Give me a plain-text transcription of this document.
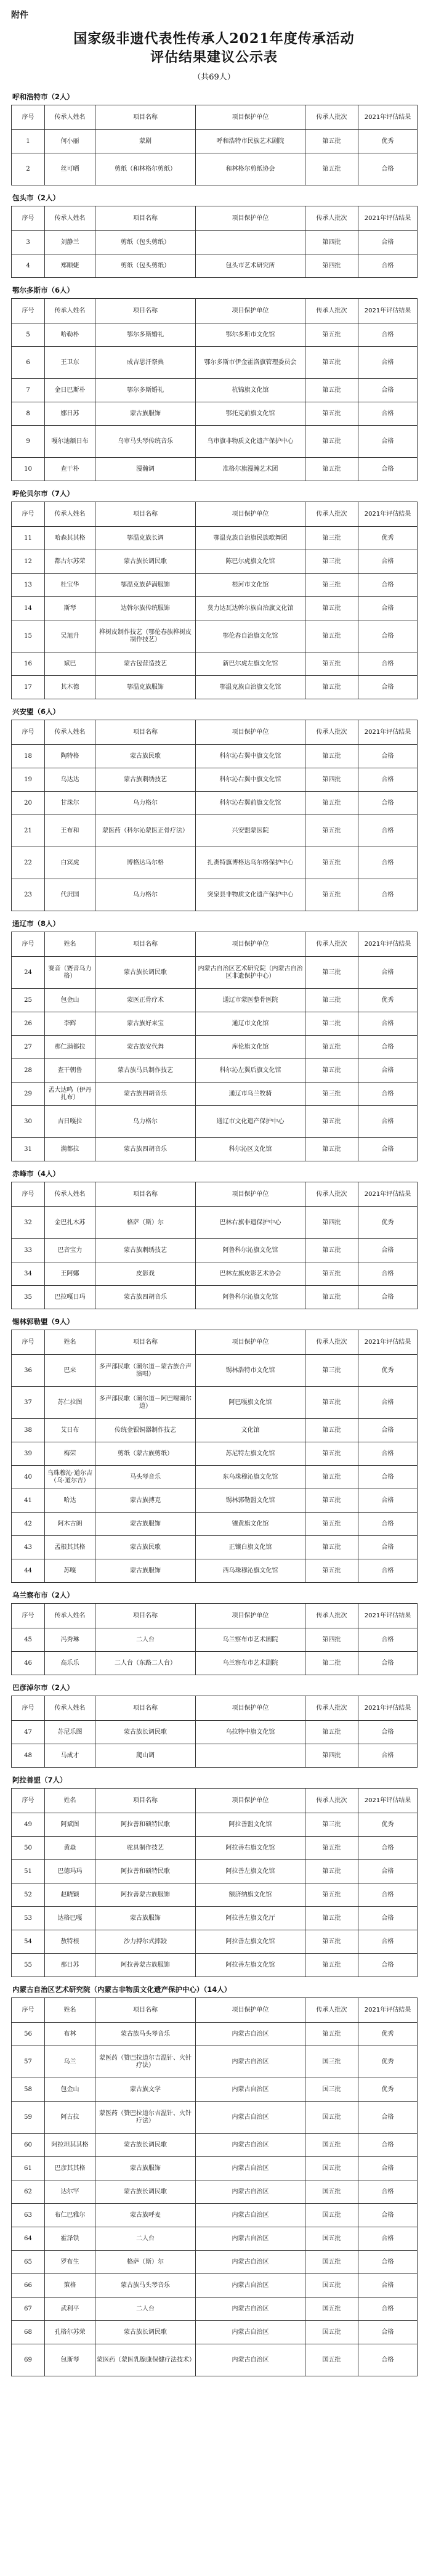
附件
国家级非遗代表性传承人2021年度传承活动
评估结果建议公示表
（共69人）
呼和浩特市（2人）
序号	传承人姓名	项目名称	项目保护单位	传承人批次	2021年评估结果
1	何小丽	蒙剧	呼和浩特市民族艺术剧院	第五批	优秀
2	丝可晒	剪纸（和林格尔剪纸）	和林格尔剪纸协会	第五批	合格
包头市（2人）
序号	传承人姓名	项目名称	项目保护单位	传承人批次	2021年评估结果
3	刘静兰	剪纸（包头剪纸）		第四批	合格
4	郑顺婕	剪纸（包头剪纸）	包头市艺术研究所	第四批	合格
鄂尔多斯市（6人）
序号	传承人姓名	项目名称	项目保护单位	传承人批次	2021年评估结果
5	哈勒朴	鄂尔多斯婚礼	鄂尔多斯市文化馆	第五批	合格
6	王卫东	成吉思汗祭典	鄂尔多斯市伊金霍洛旗管理委员会	第五批	合格
7	金日巴斯朴	鄂尔多斯婚礼	杭锦旗文化馆	第五批	合格
8	娜日苏	蒙古族服饰	鄂托克前旗文化馆	第五批	合格
9	嘎尔迪额日布	乌审马头琴传统音乐	乌审旗非物质文化遗产保护中心	第五批	合格
10	查干朴	漫瀚调	准格尔旗漫瀚艺术团	第五批	合格
呼伦贝尔市（7人）
序号	传承人姓名	项目名称	项目保护单位	传承人批次	2021年评估结果
11	哈森其其格	鄂温克族长调	鄂温克族自治旗民族歌舞团	第三批	优秀
12	都古尔苏荣	蒙古族长调民歌	陈巴尔虎旗文化馆	第三批	合格
13	杜宝华	鄂温克族萨满服饰	根河市文化馆	第三批	合格
14	斯琴	达斡尔族传统服饰	莫力达瓦达斡尔族自治旗文化馆	第五批	合格
15	吴旭升	桦树皮制作技艺（鄂伦春族桦树皮制作技艺）	鄂伦春自治旗文化馆	第五批	合格
16	斌巴	蒙古包营造技艺	新巴尔虎左旗文化馆	第五批	合格
17	其木德	鄂温克族服饰	鄂温克族自治旗文化馆	第五批	合格
兴安盟（6人）
序号	传承人姓名	项目名称	项目保护单位	传承人批次	2021年评估结果
18	陶特格	蒙古族民歌	科尔沁右翼中旗文化馆	第五批	合格
19	乌达达	蒙古族刺绣技艺	科尔沁右翼中旗文化馆	第四批	合格
20	甘珠尔	乌力格尔	科尔沁右翼前旗文化馆	第五批	合格
21	王布和	蒙医药（科尔沁蒙医正骨疗法）	兴安盟蒙医院	第五批	合格
22	白宾虎	博格达乌尔格	扎赉特旗博格达乌尔格保护中心	第五批	合格
23	代沢国	乌力格尔	突泉县非物质文化遗产保护中心	第五批	合格
通辽市（8人）
序号	姓名	项目名称	项目保护单位	传承人批次	2021年评估结果
24	赛音（赛音乌力格）	蒙古族长调民歌	内蒙古自治区艺术研究院（内蒙古自治区非遗保护中心）	第三批	合格
25	包金山	蒙医正骨疗术	通辽市蒙医整骨医院	第三批	优秀
26	李辉	蒙古族好来宝	通辽市文化馆	第二批	合格
27	那仁满都拉	蒙古族安代舞	库伦旗文化馆	第五批	合格
28	查干朝鲁	蒙古族马具制作技艺	科尔沁左翼后旗文化馆	第五批	合格
29	孟大达鸣（伊丹扎布）	蒙古族四胡音乐	通辽市乌兰牧骑	第三批	合格
30	吉日嘎拉	乌力格尔	通辽市文化遗产保护中心	第五批	合格
31	满都拉	蒙古族四胡音乐	科尔沁区文化馆	第五批	合格
赤峰市（4人）
序号	传承人姓名	项目名称	项目保护单位	传承人批次	2021年评估结果
32	金巴扎木苏	格萨（斯）尔	巴林右旗非遗保护中心	第四批	优秀
33	巴音宝力	蒙古族刺绣技艺	阿鲁科尔沁旗文化馆	第五批	合格
34	王阿娜	皮影戏	巴林左旗皮影艺术协会	第五批	合格
35	巴拉嘎日玛	蒙古族四胡音乐	阿鲁科尔沁旗文化馆	第五批	合格
锡林郭勒盟（9人）
序号	姓名	项目名称	项目保护单位	传承人批次	2021年评估结果
36	巴来	多声部民歌（潮尔道－蒙古族合声演唱）	锡林浩特市文化馆	第三批	优秀
37	苏仁拉图	多声部民歌（潮尔道－阿巴嘎潮尔道）	阿巴嘎旗文化馆	第五批	合格
38	艾日布	传统金银铜器制作技艺	文化馆	第五批	合格
39	梅荣	剪纸（蒙古族剪纸）	苏尼特左旗文化馆	第五批	合格
40	乌珠穆沁·道尔吉（乌·道尔吉）	马头琴音乐	东乌珠穆沁旗文化馆	第五批	合格
41	哈达	蒙古族搏克	锡林郭勒盟文化馆	第五批	合格
42	阿木古朗	蒙古族服饰	镶黄旗文化馆	第五批	合格
43	孟根其其格	蒙古族民歌	正镶白旗文化馆	第五批	合格
44	苏嘎	蒙古族服饰	西乌珠穆沁旗文化馆	第五批	合格
乌兰察布市（2人）
序号	传承人姓名	项目名称	项目保护单位	传承人批次	2021年评估结果
45	冯秀琳	二人台	乌兰察布市艺术剧院	第四批	合格
46	高乐乐	二人台（东路二人台）	乌兰察布市艺术剧院	第二批	合格
巴彦淖尔市（2人）
序号	传承人姓名	项目名称	项目保护单位	传承人批次	2021年评估结果
47	苏尼乐图	蒙古族长调民歌	乌拉特中旗文化馆	第五批	合格
48	马成才	爬山调		第四批	合格
阿拉善盟（7人）
序号	姓名	项目名称	项目保护单位	传承人批次	2021年评估结果
49	阿斌图	阿拉善和硕特民歌	阿拉善盟文化馆	第三批	优秀
50	黄焱	驼具制作技艺	阿拉善右旗文化馆	第五批	合格
51	巴德玛玛	阿拉善和硕特民歌	阿拉善左旗文化馆	第五批	合格
52	赵晓颖	阿拉善蒙古族服饰	额济纳旗文化馆	第五批	合格
53	达格巴嘎	蒙古族服饰	阿拉善左旗文化厅	第五批	合格
54	敖特根	沙力搏尔式摔跤	阿拉善左旗文化馆	第五批	合格
55	那日苏	阿拉善蒙古族服饰	阿拉善左旗文化馆	第五批	合格
内蒙古自治区艺术研究院（内蒙古非物质文化遗产保护中心）（14人）
序号	姓名	项目名称	项目保护单位	传承人批次	2021年评估结果
56	布林	蒙古族马头琴音乐	内蒙古自治区	第五批	优秀
57	乌兰	蒙医药（赞巴拉道尔吉温针、火针疗法）	内蒙古自治区	国三批	优秀
58	包金山	蒙古族文学	内蒙古自治区	国三批	优秀
59	阿古拉	蒙医药（赞巴拉道尔吉温针、火针疗法）	内蒙古自治区	国五批	合格
60	阿拉坦其其格	蒙古族长调民歌	内蒙古自治区	国五批	合格
61	巴彦其其格	蒙古族服饰	内蒙古自治区	国五批	合格
62	达尔罕	蒙古族长调民歌	内蒙古自治区	国五批	合格
63	布仁巴雅尔	蒙古族呼麦	内蒙古自治区	国五批	合格
64	霍泽铁	二人台	内蒙古自治区	国五批	合格
65	罗布生	格萨（斯）尔	内蒙古自治区	国五批	合格
66	策格	蒙古族马头琴音乐	内蒙古自治区	国五批	合格
67	武利平	二人台	内蒙古自治区	国五批	合格
68	孔格尔苏荣	蒙古族长调民歌	内蒙古自治区	国五批	合格
69	包斯琴	蒙医药（蒙医乳腺康保健疗法技术）	内蒙古自治区	国五批	合格
